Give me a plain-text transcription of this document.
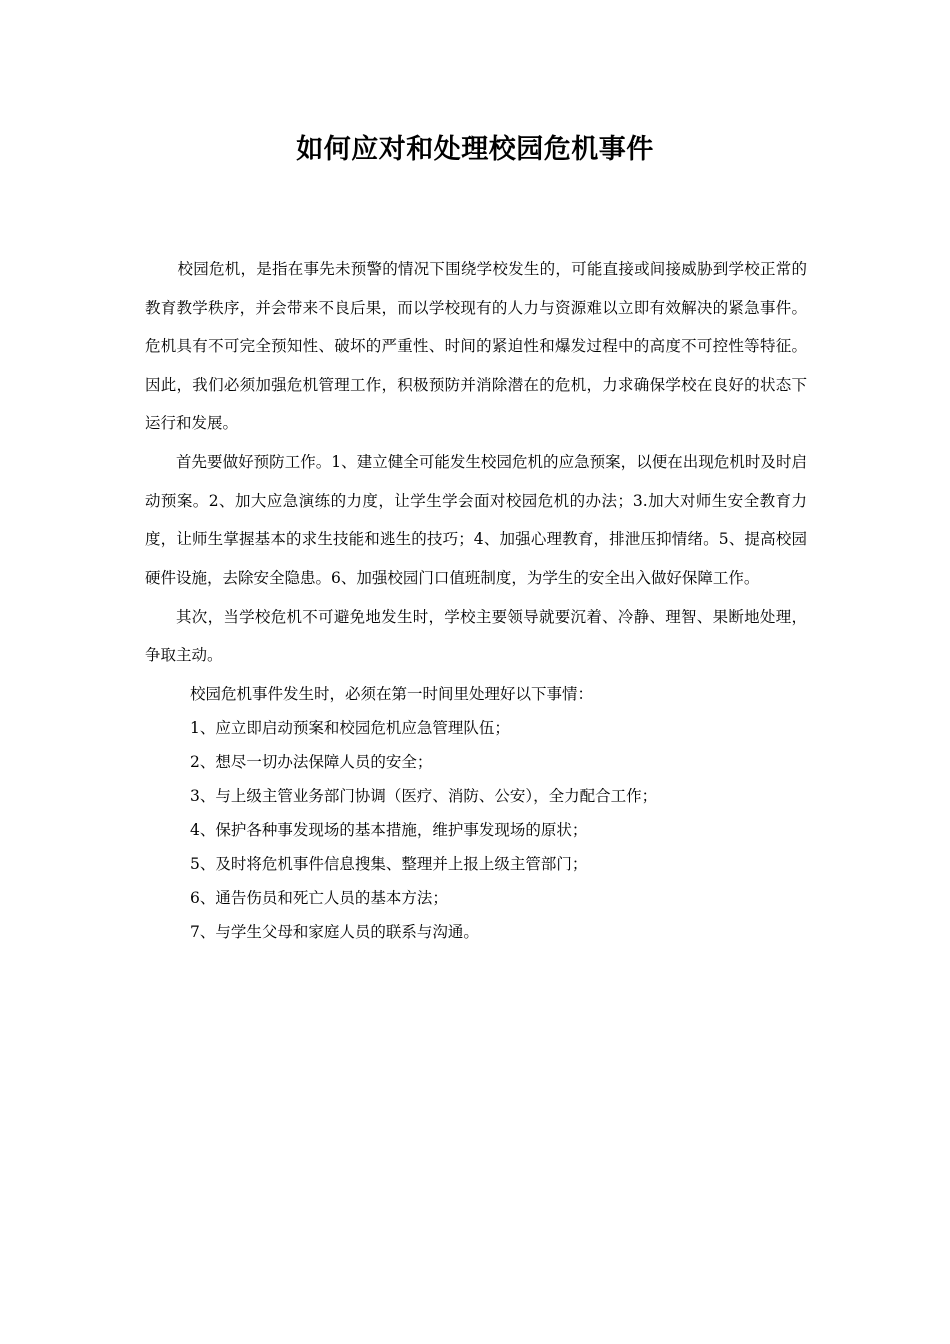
如何应对和处理校园危机事件

校园危机，是指在事先未预警的情况下围绕学校发生的，可能直接或间接威胁到学校正常的教育教学秩序，并会带来不良后果，而以学校现有的人力与资源难以立即有效解决的紧急事件。危机具有不可完全预知性、破坏的严重性、时间的紧迫性和爆发过程中的高度不可控性等特征。因此，我们必须加强危机管理工作，积极预防并消除潜在的危机，力求确保学校在良好的状态下运行和发展。

首先要做好预防工作。1、建立健全可能发生校园危机的应急预案，以便在出现危机时及时启动预案。2、加大应急演练的力度，让学生学会面对校园危机的办法；3.加大对师生安全教育力度，让师生掌握基本的求生技能和逃生的技巧；4、加强心理教育，排泄压抑情绪。5、提高校园硬件设施，去除安全隐患。6、加强校园门口值班制度，为学生的安全出入做好保障工作。

其次，当学校危机不可避免地发生时，学校主要领导就要沉着、冷静、理智、果断地处理，争取主动。

校园危机事件发生时，必须在第一时间里处理好以下事情：

1、应立即启动预案和校园危机应急管理队伍；
2、想尽一切办法保障人员的安全；
3、与上级主管业务部门协调（医疗、消防、公安），全力配合工作；
4、保护各种事发现场的基本措施，维护事发现场的原状；
5、及时将危机事件信息搜集、整理并上报上级主管部门；
6、通告伤员和死亡人员的基本方法；
7、与学生父母和家庭人员的联系与沟通。
